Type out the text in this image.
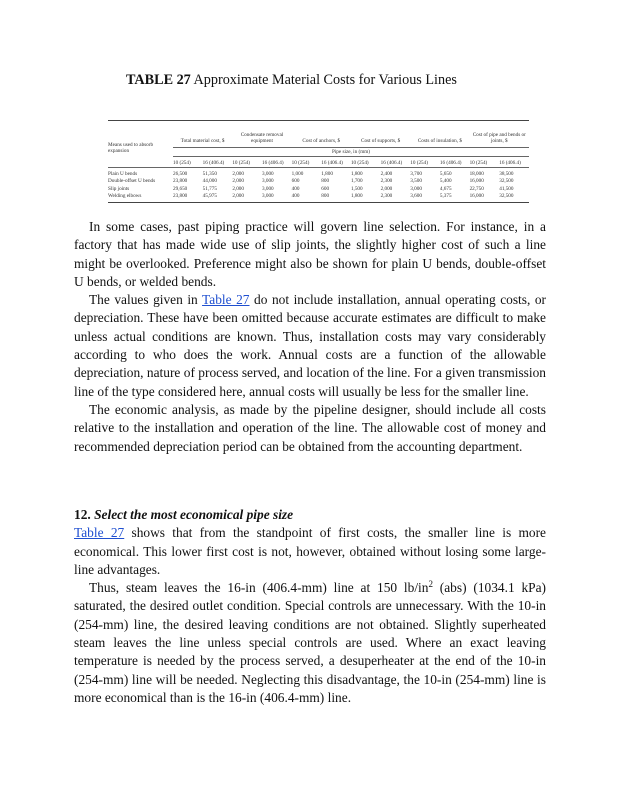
TABLE 27 Approximate Material Costs for Various Lines
Means used to absorb expansion	Total material cost, $		Condensate removal equipment		Cost of anchors, $		Cost of supports, $		Costs of insulation, $		Cost of pipe and bends or joints, $	
	Pipe size, in (mm)											
	10 (254)	16 (406.4)	10 (254)	16 (406.4)	10 (254)	16 (406.4)	10 (254)	16 (406.4)	10 (254)	16 (406.4)	10 (254)	16 (406.4)
Plain U bends	26,500	51,350	2,000	3,000	1,000	1,800	1,800	2,400	3,700	5,650	18,000	38,500
Double-offset U bends	23,800	44,000	2,000	3,000	600	800	1,700	2,300	3,500	5,400	16,000	32,500
Slip joints	29,650	51,775	2,000	3,000	400	600	1,500	2,000	3,000	4,675	22,750	41,500
Welding elbows	23,800	45,975	2,000	3,000	400	800	1,800	2,300	3,600	5,375	16,000	32,500

In some cases, past piping practice will govern line selection. For instance, in a factory that has made wide use of slip joints, the slightly higher cost of such a line might be overlooked. Preference might also be shown for plain U bends, double-offset U bends, or welded bends.

The values given in Table 27 do not include installation, annual operating costs, or depreciation. These have been omitted because accurate estimates are difficult to make unless actual conditions are known. Thus, installation costs may vary considerably according to who does the work. Annual costs are a function of the allowable depreciation, nature of process served, and location of the line. For a given transmission line of the type considered here, annual costs will usually be less for the smaller line.

The economic analysis, as made by the pipeline designer, should include all costs relative to the installation and operation of the line. The allowable cost of money and recommended depreciation period can be obtained from the accounting department.

12. Select the most economical pipe size

Table 27 shows that from the standpoint of first costs, the smaller line is more economical. This lower first cost is not, however, obtained without losing some large-line advantages.

Thus, steam leaves the 16-in (406.4-mm) line at 150 $lb/in^2$ (abs) (1034.1 kPa) saturated, the desired outlet condition. Special controls are unnecessary. With the 10-in (254-mm) line, the desired leaving conditions are not obtained. Slightly superheated steam leaves the line unless special controls are used. Where an exact leaving temperature is needed by the process served, a desuperheater at the end of the 10-in (254-mm) line will be needed. Neglecting this disadvantage, the 10-in (254-mm) line is more economical than is the 16-in (406.4-mm) line.
